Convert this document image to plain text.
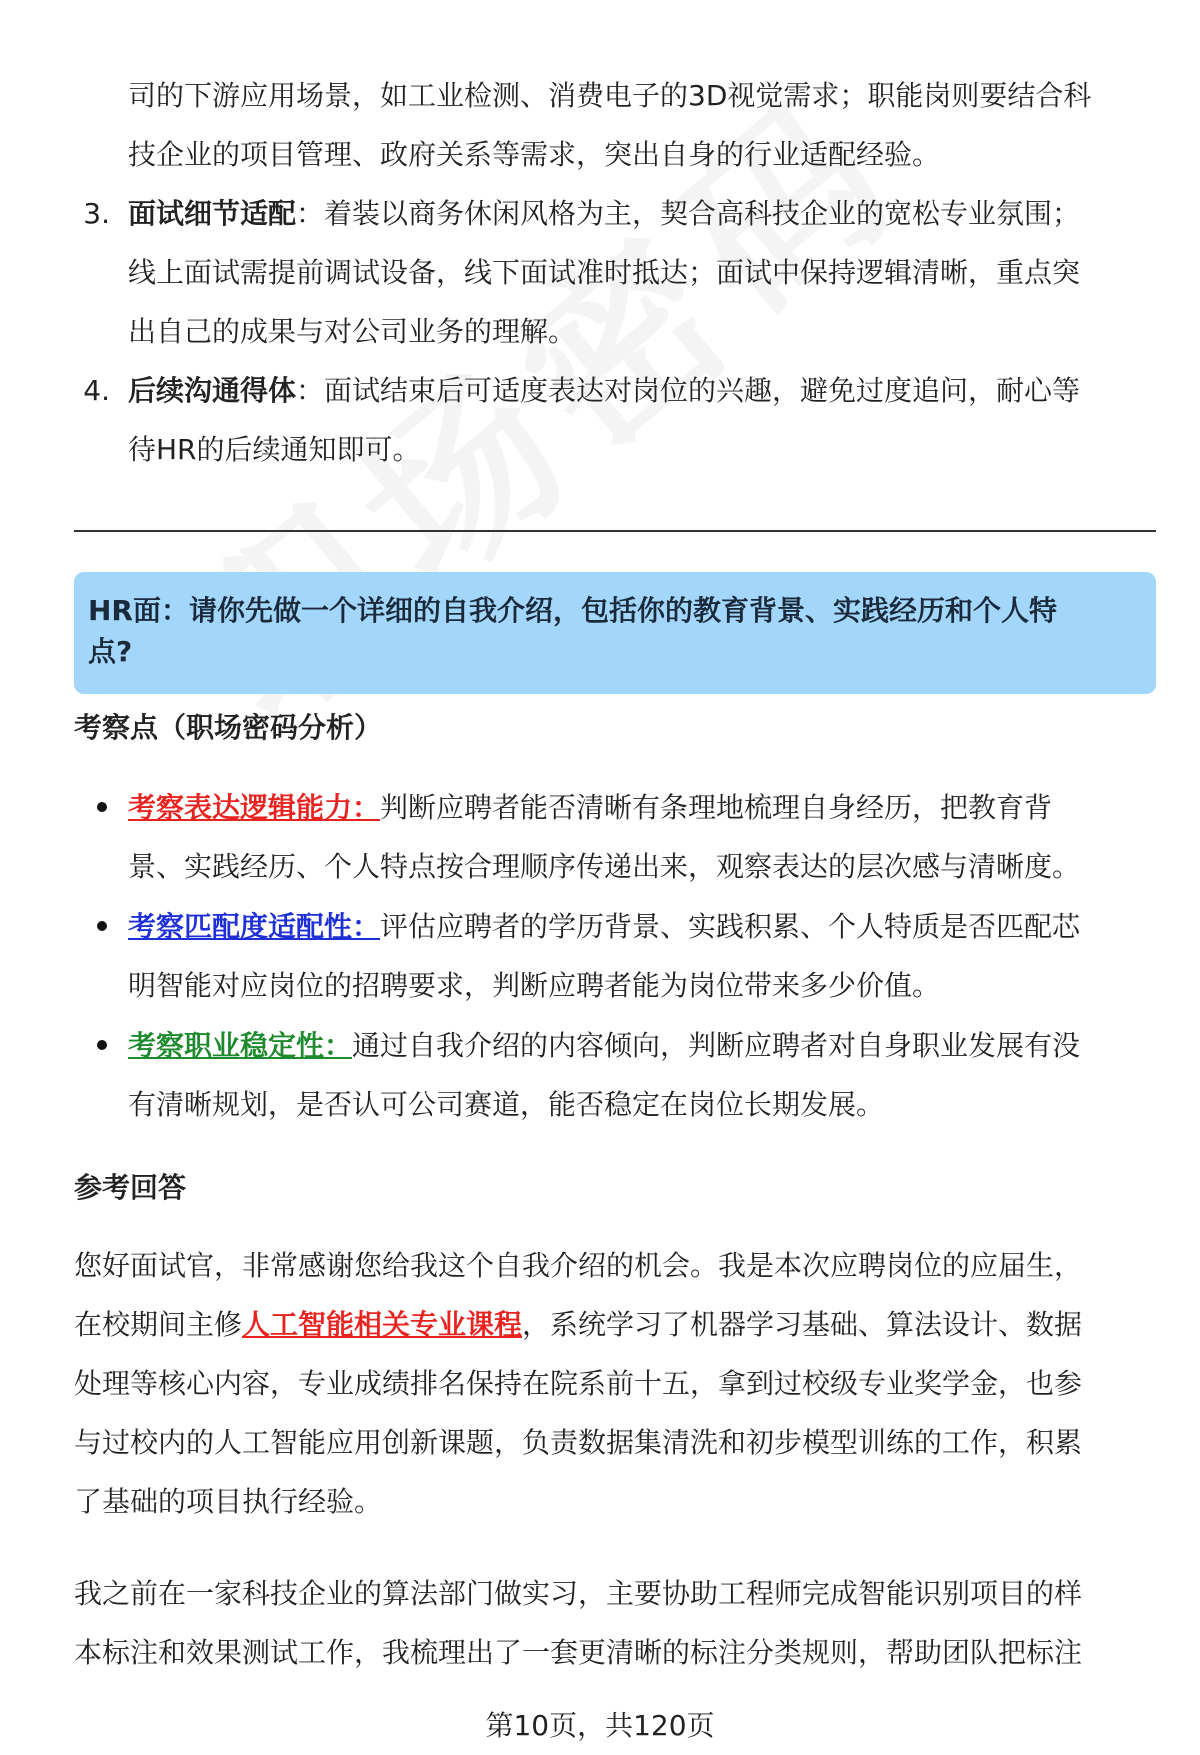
司的下游应用场景，如工业检测、消费电子的3D视觉需求；职能岗则要结合科
技企业的项目管理、政府关系等需求，突出自身的行业适配经验。
3. 面试细节适配：着装以商务休闲风格为主，契合高科技企业的宽松专业氛围；
线上面试需提前调试设备，线下面试准时抵达；面试中保持逻辑清晰，重点突
出自己的成果与对公司业务的理解。
4. 后续沟通得体：面试结束后可适度表达对岗位的兴趣，避免过度追问，耐心等
待HR的后续通知即可。
HR面：请你先做一个详细的自我介绍，包括你的教育背景、实践经历和个人特
点?
考察点（职场密码分析）
考察表达逻辑能力：判断应聘者能否清晰有条理地梳理自身经历，把教育背
景、实践经历、个人特点按合理顺序传递出来，观察表达的层次感与清晰度。
考察匹配度适配性：评估应聘者的学历背景、实践积累、个人特质是否匹配芯
明智能对应岗位的招聘要求，判断应聘者能为岗位带来多少价值。
考察职业稳定性：通过自我介绍的内容倾向，判断应聘者对自身职业发展有没
有清晰规划，是否认可公司赛道，能否稳定在岗位长期发展。
参考回答
您好面试官，非常感谢您给我这个自我介绍的机会。我是本次应聘岗位的应届生，
在校期间主修人工智能相关专业课程，系统学习了机器学习基础、算法设计、数据
处理等核心内容，专业成绩排名保持在院系前十五，拿到过校级专业奖学金，也参
与过校内的人工智能应用创新课题，负责数据集清洗和初步模型训练的工作，积累
了基础的项目执行经验。
我之前在一家科技企业的算法部门做实习，主要协助工程师完成智能识别项目的样
本标注和效果测试工作，我梳理出了一套更清晰的标注分类规则，帮助团队把标注
第10页，共120页
